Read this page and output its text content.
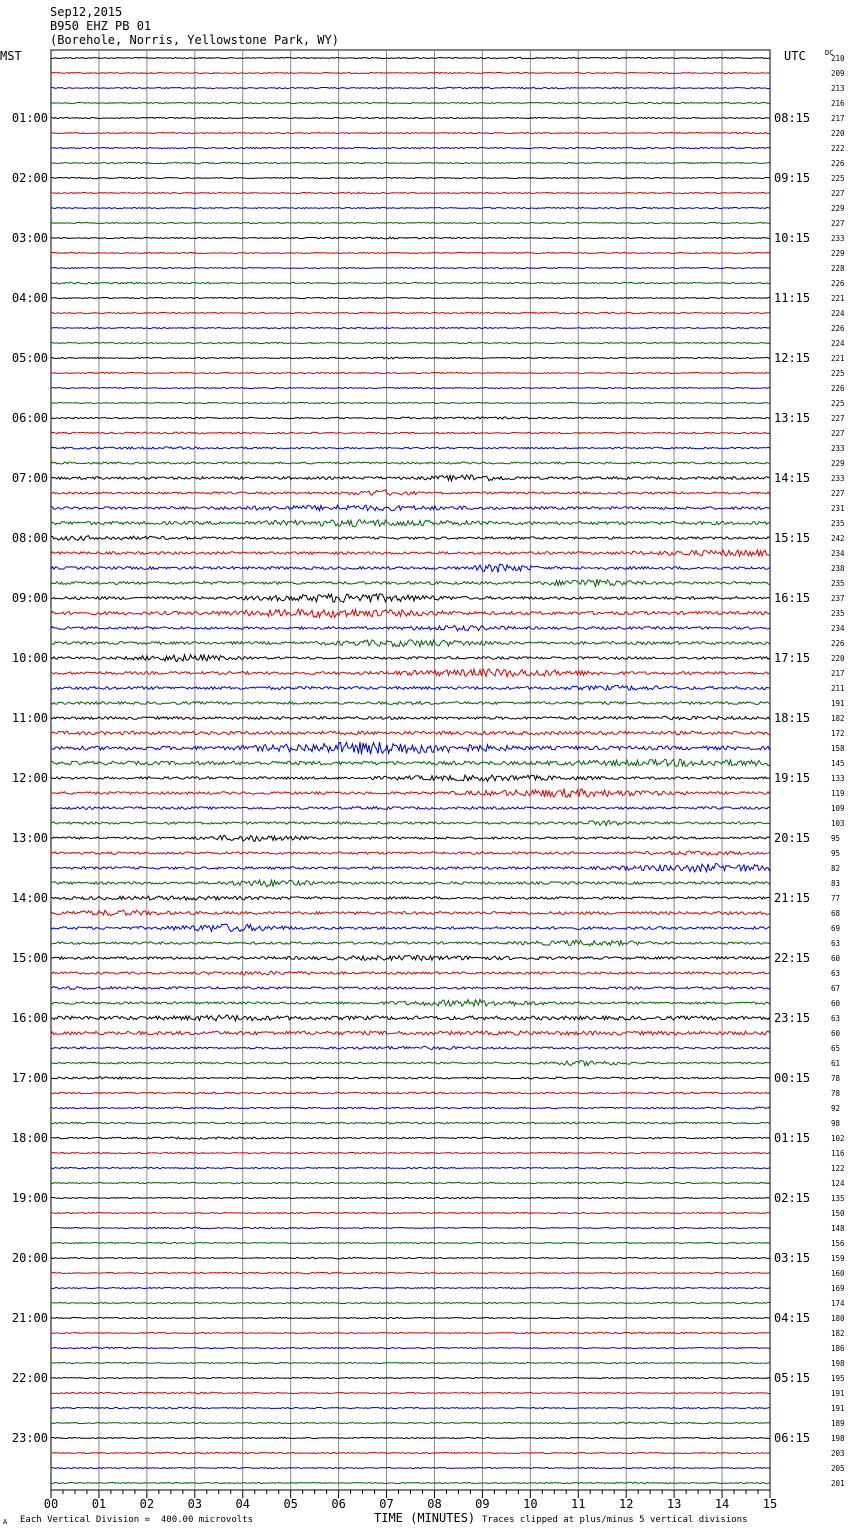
Sep12,2015
B950 EHZ PB 01
(Borehole, Norris, Yellowstone Park, WY)
MST	UTC	DC
00	01	02	03	04	05	06	07	08	09	10	11	12	13	14	15
210
209
213
216
217
220
222
226
225
227
229
227
233
229
228
226
221
224
226
224
221
225
226
225
227
227
233
229
233
227
231
235
242
234
238
235
237
235
234
226
220
217
211
191
182
172
158
145
133
119
109
103
95
95
82
83
77
68
69
63
60
63
67
60
63
60
65
61
78
78
92
98
102
116
122
124
135
150
148
156
159
160
169
174
180
182
186
198
195
191
191
189
198
203
205
201
01:00
02:00
03:00
04:00
05:00
06:00
07:00
08:00
09:00
10:00
11:00
12:00
13:00
14:00
15:00
16:00
17:00
18:00
19:00
20:00
21:00
22:00
23:00
08:15
09:15
10:15
11:15
12:15
13:15
14:15
15:15
16:15
17:15
18:15
19:15
20:15
21:15
22:15
23:15
00:15
01:15
02:15
03:15
04:15
05:15
06:15
A Each Vertical Division =  400.00 microvolts	TIME (MINUTES) Traces clipped at plus/minus 5 vertical divisions
